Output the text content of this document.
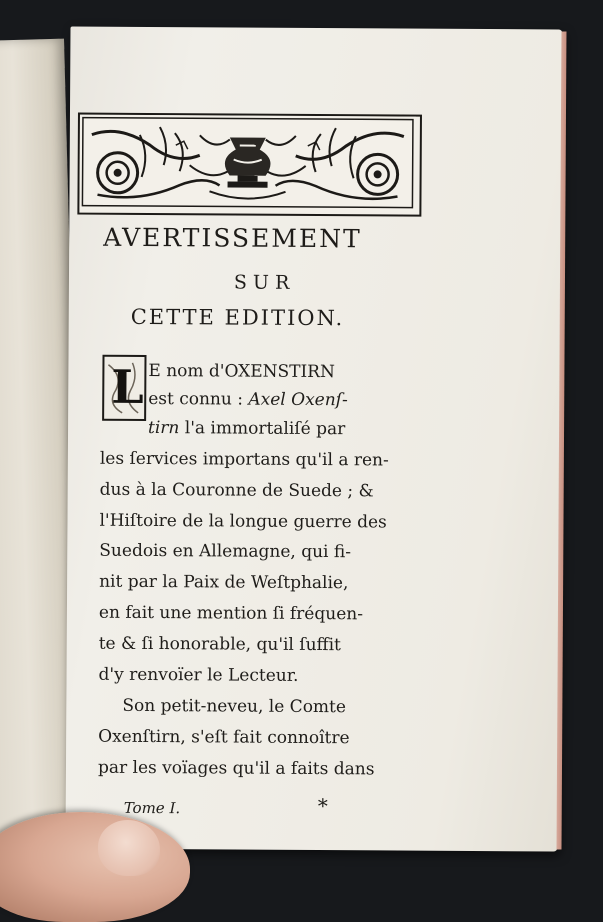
AVERTISSEMENT
SUR
CETTE EDITION.
L E nom d'OXENSTIRN
est connu : Axel Oxenſ-
tirn l'a immortaliſé par
les ſervices importans qu'il a ren-
dus à la Couronne de Suede ; &
l'Hiſtoire de la longue guerre des
Suedois en Allemagne, qui fi-
nit par la Paix de Weſtphalie,
en fait une mention ſi fréquen-
te & ſi honorable, qu'il ſuffit
d'y renvoïer le Lecteur.
Son petit-neveu, le Comte
Oxenſtirn, s'eſt fait connoître
par les voïages qu'il a faits dans
Tome I.	*
